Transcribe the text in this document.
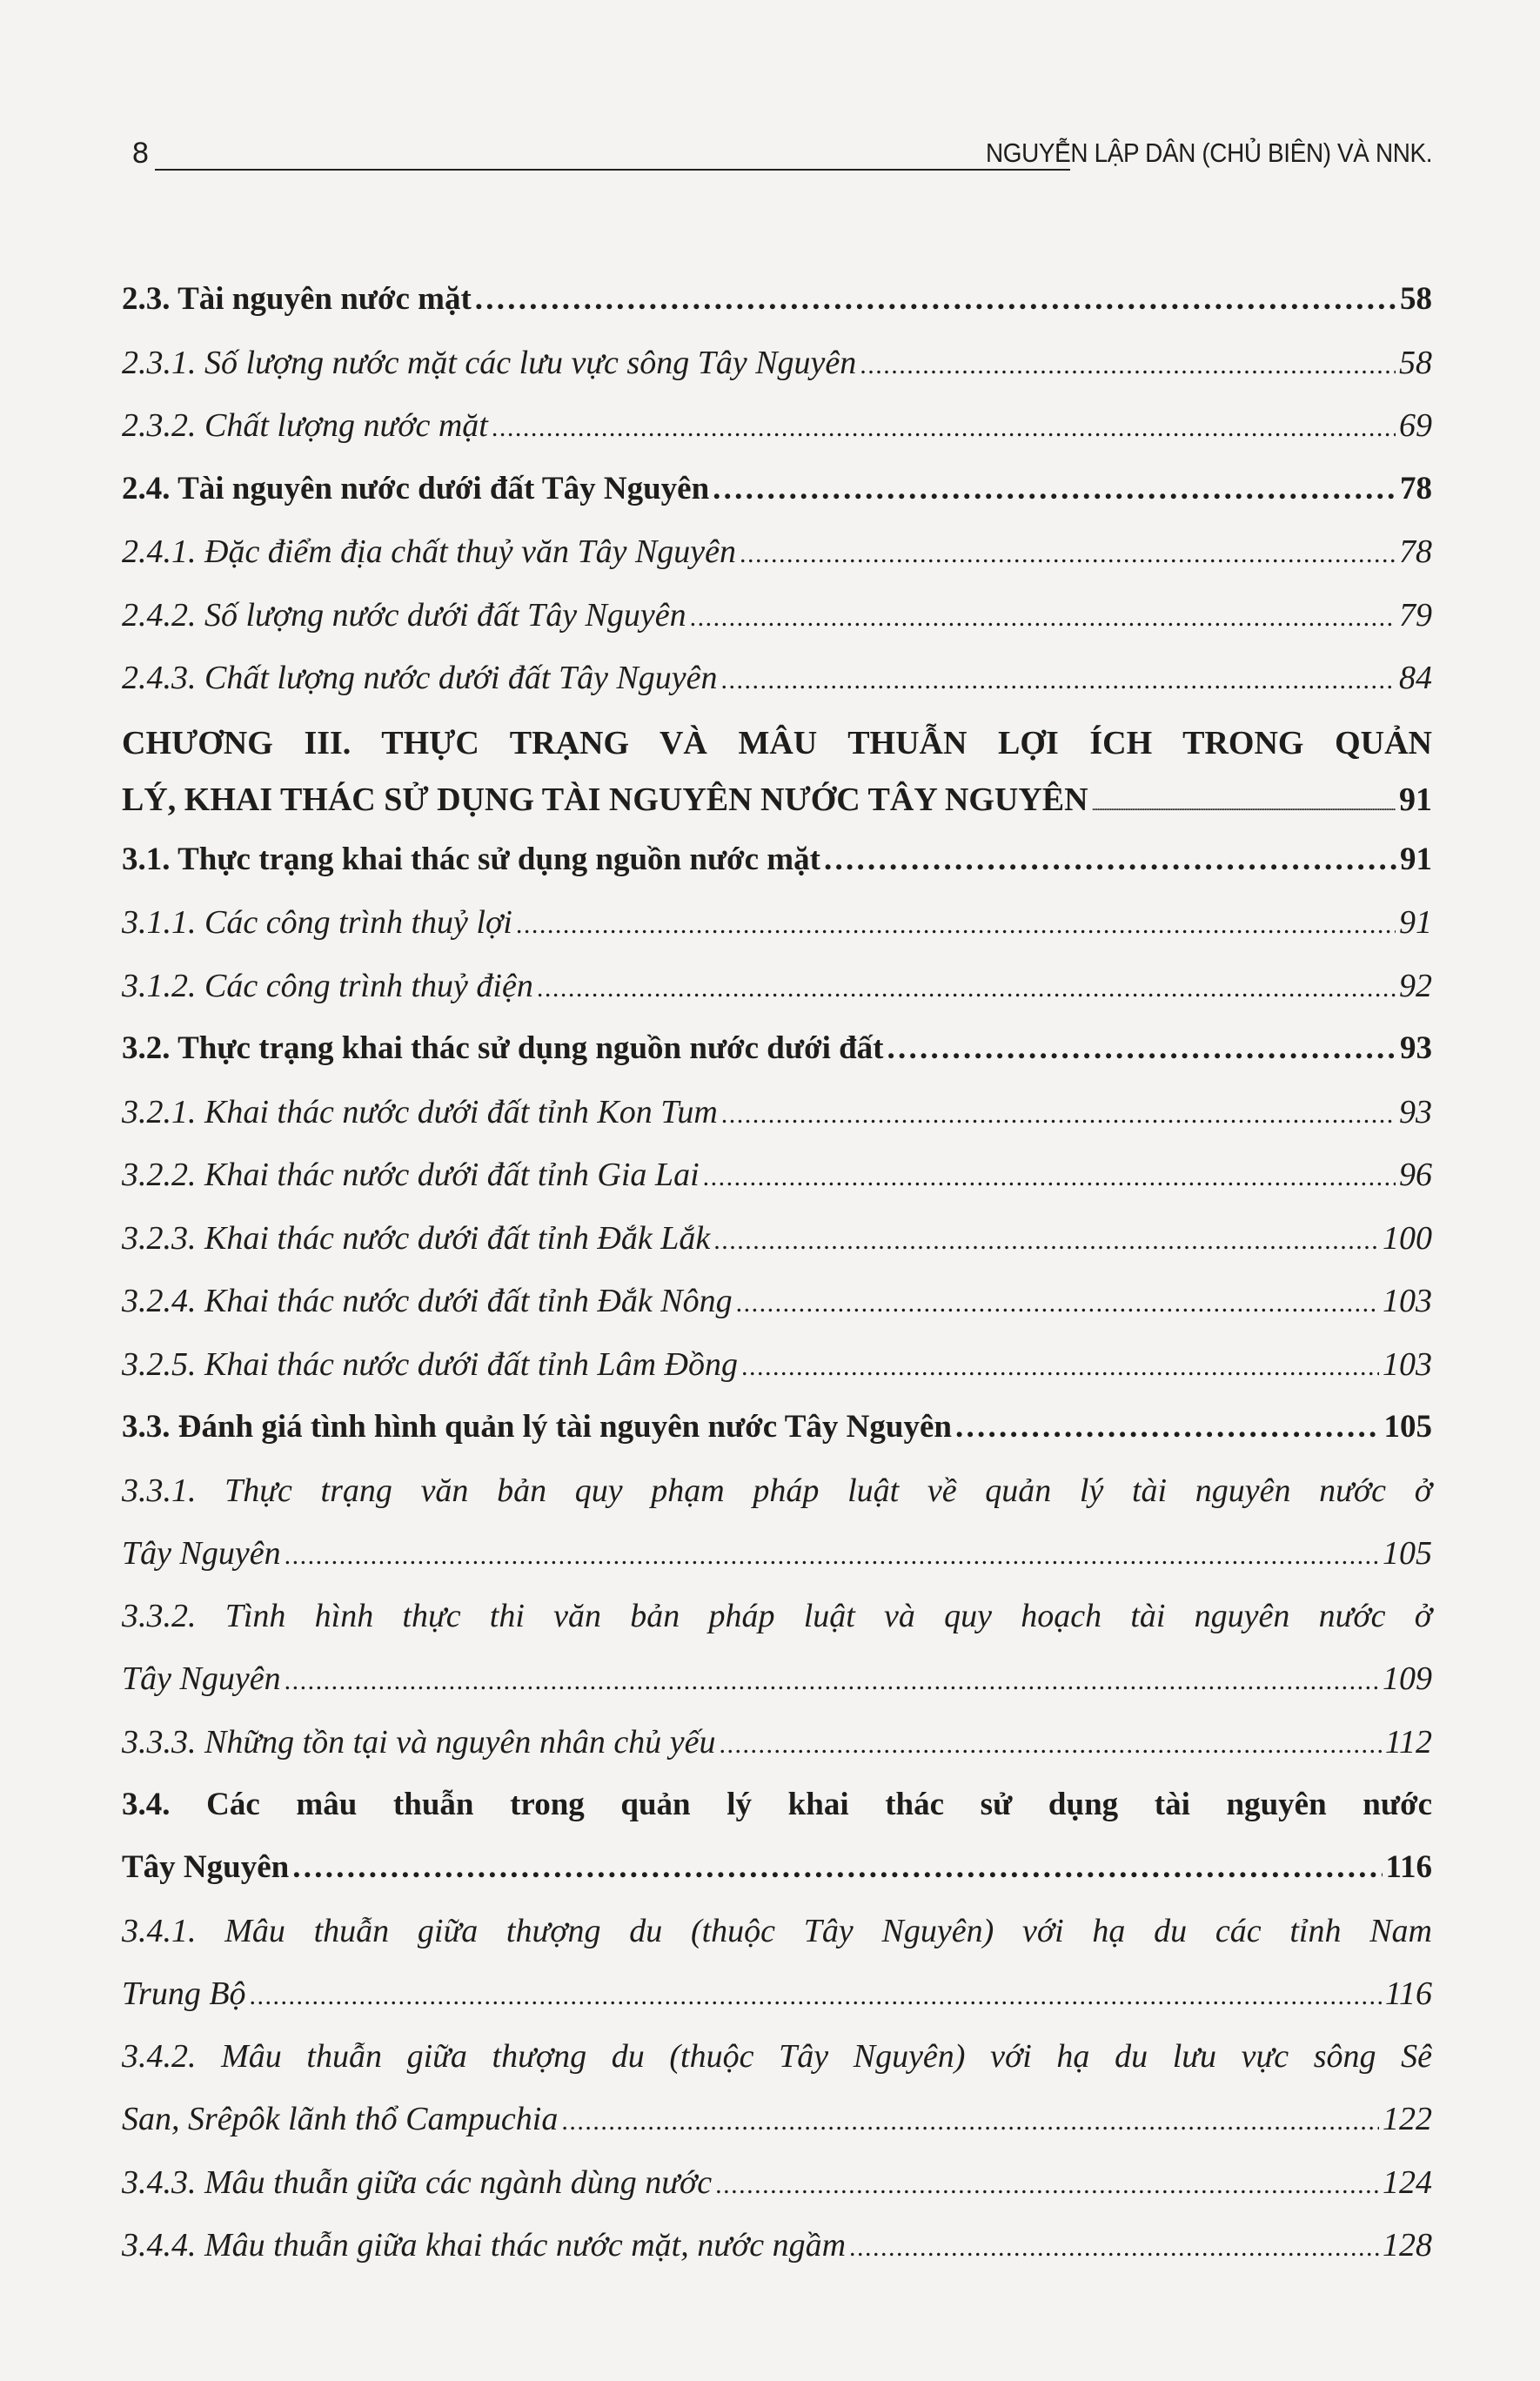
8	NGUYỄN LẬP DÂN (CHỦ BIÊN) VÀ NNK.
2.3. Tài nguyên nước mặt . . .	58
2.3.1. Số lượng nước mặt các lưu vực sông Tây Nguyên . . .	58
2.3.2. Chất lượng nước mặt . . .	69
2.4. Tài nguyên nước dưới đất Tây Nguyên . . .	78
2.4.1. Đặc điểm địa chất thuỷ văn Tây Nguyên . . .	78
2.4.2. Số lượng nước dưới đất Tây Nguyên . . .	79
2.4.3. Chất lượng nước dưới đất Tây Nguyên . . .	84
CHƯƠNG III. THỰC TRẠNG VÀ MÂU THUẪN LỢI ÍCH TRONG QUẢN
LÝ, KHAI THÁC SỬ DỤNG TÀI NGUYÊN NƯỚC TÂY NGUYÊN . . .	91
3.1. Thực trạng khai thác sử dụng nguồn nước mặt . . .	91
3.1.1. Các công trình thuỷ lợi . . .	91
3.1.2. Các công trình thuỷ điện . . .	92
3.2. Thực trạng khai thác sử dụng nguồn nước dưới đất . . .	93
3.2.1. Khai thác nước dưới đất tỉnh Kon Tum . . .	93
3.2.2. Khai thác nước dưới đất tỉnh Gia Lai . . .	96
3.2.3. Khai thác nước dưới đất tỉnh Đắk Lắk . . .	100
3.2.4. Khai thác nước dưới đất tỉnh Đắk Nông . . .	103
3.2.5. Khai thác nước dưới đất tỉnh Lâm Đồng . . .	103
3.3. Đánh giá tình hình quản lý tài nguyên nước Tây Nguyên . . .	105
3.3.1. Thực trạng văn bản quy phạm pháp luật về quản lý tài nguyên nước ở
Tây Nguyên . . .	105
3.3.2. Tình hình thực thi văn bản pháp luật và quy hoạch tài nguyên nước ở
Tây Nguyên . . .	109
3.3.3. Những tồn tại và nguyên nhân chủ yếu . . .	112
3.4. Các mâu thuẫn trong quản lý khai thác sử dụng tài nguyên nước
Tây Nguyên . . .	116
3.4.1. Mâu thuẫn giữa thượng du (thuộc Tây Nguyên) với hạ du các tỉnh Nam
Trung Bộ . . .	116
3.4.2. Mâu thuẫn giữa thượng du (thuộc Tây Nguyên) với hạ du lưu vực sông Sê
San, Srêpôk lãnh thổ Campuchia . . .	122
3.4.3. Mâu thuẫn giữa các ngành dùng nước . . .	124
3.4.4. Mâu thuẫn giữa khai thác nước mặt, nước ngầm . . .	128
